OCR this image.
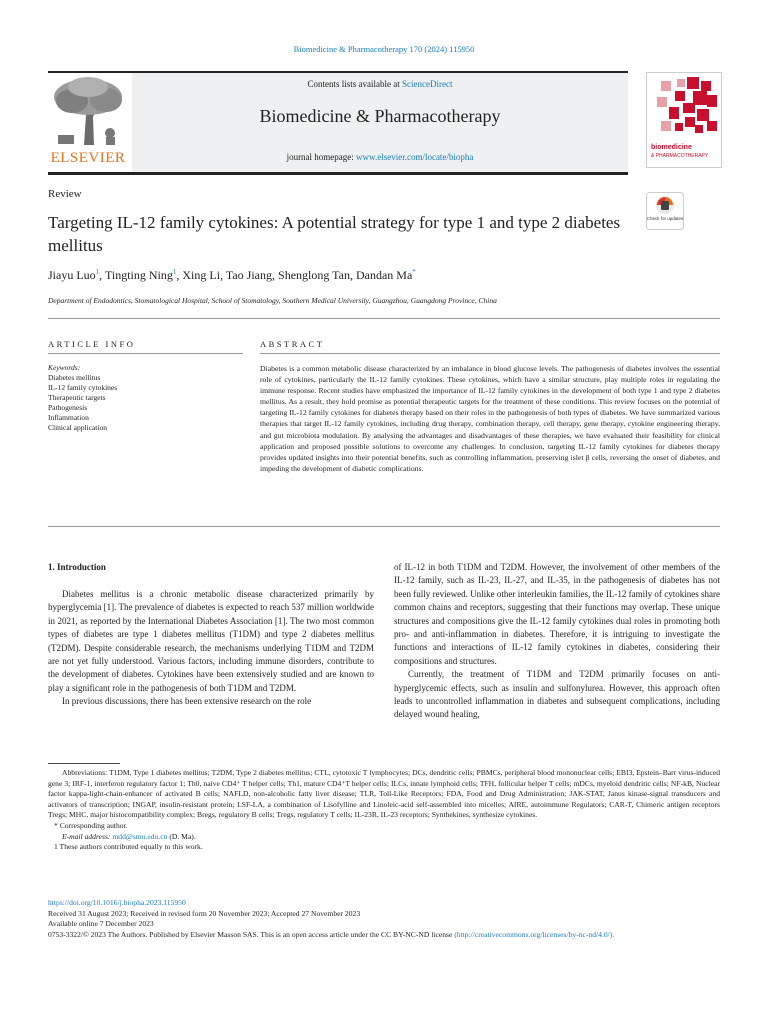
Biomedicine & Pharmacotherapy 170 (2024) 115950
ELSEVIER
Contents lists available at ScienceDirect
Biomedicine & Pharmacotherapy
journal homepage: www.elsevier.com/locate/biopha
biomedicine
& PHARMACOTHERAPY
Review
Targeting IL-12 family cytokines: A potential strategy for type 1 and type 2 diabetes mellitus
Check for updates
Jiayu Luo$^1$, Tingting Ning$^1$, Xing Li, Tao Jiang, Shenglong Tan, Dandan Ma*
Department of Endodontics, Stomatological Hospital, School of Stomatology, Southern Medical University, Guangzhou, Guangdong Province, China
ARTICLE INFO	ABSTRACT
Keywords:
Diabetes mellitus
IL-12 family cytokines
Therapeutic targets
Pathogenesis
Inflammation
Clinical application
Diabetes is a common metabolic disease characterized by an imbalance in blood glucose levels. The pathogenesis of diabetes involves the essential role of cytokines, particularly the IL-12 family cytokines. These cytokines, which have a similar structure, play multiple roles in regulating the immune response. Recent studies have emphasized the importance of IL-12 family cytokines in the development of both type 1 and type 2 diabetes mellitus. As a result, they hold promise as potential therapeutic targets for the treatment of these conditions. This review focuses on the potential of targeting IL-12 family cytokines for diabetes therapy based on their roles in the pathogenesis of both types of diabetes. We have summarized various therapies that target IL-12 family cytokines, including drug therapy, combination therapy, cell therapy, gene therapy, cytokine engineering therapy, and gut microbiota modulation. By analysing the advantages and disadvantages of these therapies, we have evaluated their feasibility for clinical application and proposed possible solutions to overcome any challenges. In conclusion, targeting IL-12 family cytokines for diabetes therapy provides updated insights into their potential benefits, such as controlling inflammation, preserving islet β cells, reversing the onset of diabetes, and impeding the development of diabetic complications.
1. Introduction

Diabetes mellitus is a chronic metabolic disease characterized primarily by hyperglycemia [1]. The prevalence of diabetes is expected to reach 537 million worldwide in 2021, as reported by the International Diabetes Association [1]. The two most common types of diabetes are type 1 diabetes mellitus (T1DM) and type 2 diabetes mellitus (T2DM). Despite considerable research, the mechanisms underlying T1DM and T2DM are not yet fully understood. Various factors, including immune disorders, contribute to the development of diabetes. Cytokines have been extensively studied and are known to play a significant role in the pathogenesis of both T1DM and T2DM.

In previous discussions, there has been extensive research on the role

of IL-12 in both T1DM and T2DM. However, the involvement of other members of the IL-12 family, such as IL-23, IL-27, and IL-35, in the pathogenesis of diabetes has not been fully reviewed. Unlike other interleukin families, the IL-12 family of cytokines share common chains and receptors, suggesting that their functions may overlap. These unique structures and compositions give the IL-12 family cytokines dual roles in promoting both pro- and anti-inflammation in diabetes. Therefore, it is intriguing to investigate the functions and interactions of IL-12 family cytokines in diabetes, considering their compositions and structures.

Currently, the treatment of T1DM and T2DM primarily focuses on anti-hyperglycemic effects, such as insulin and sulfonylurea. However, this approach often leads to uncontrolled inflammation in diabetes and subsequent complications, including delayed wound healing,

Abbreviations: T1DM, Type 1 diabetes mellitus; T2DM, Type 2 diabetes mellitus; CTL, cytotoxic T lymphocytes; DCs, dendritic cells; PBMCs, peripheral blood mononuclear cells; EBI3, Epstein–Barr virus-induced gene 3; IRF-1, interferon regulatory factor 1; Th0, naive CD4⁺ T helper cells; Th1, mature CD4⁺T helper cells; ILCs, innate lymphoid cells; TFH, follicular helper T cells; mDCs, myeloid dendritic cells; NF-kB, Nuclear factor kappa-light-chain-enhancer of activated B cells; NAFLD, non-alcoholic fatty liver disease; TLR, Toll-Like Receptors; FDA, Food and Drug Administration; JAK-STAT, Janus kinase-signal transducers and activators of transcription; INGAP, insulin-resistant protein; LSF-LA, a combination of Lisofylline and Linoleic-acid self-assembled into micelles; AIRE, autoimmune Regulators; CAR-T, Chimeric antigen receptors Tregs; MHC, major histocompatibility complex; Bregs, regulatory B cells; Tregs, regulatory T cells; IL-23R, IL-23 receptors; Synthekines, synthesize cytokines.

* Corresponding author.

E-mail address: mdd@smu.edu.cn (D. Ma).

1 These authors contributed equally to this work.

https://doi.org/10.1016/j.biopha.2023.115950

Received 31 August 2023; Received in revised form 20 November 2023; Accepted 27 November 2023

Available online 7 December 2023

0753-3322/© 2023 The Authors. Published by Elsevier Masson SAS. This is an open access article under the CC BY-NC-ND license (http://creativecommons.org/licenses/by-nc-nd/4.0/).
